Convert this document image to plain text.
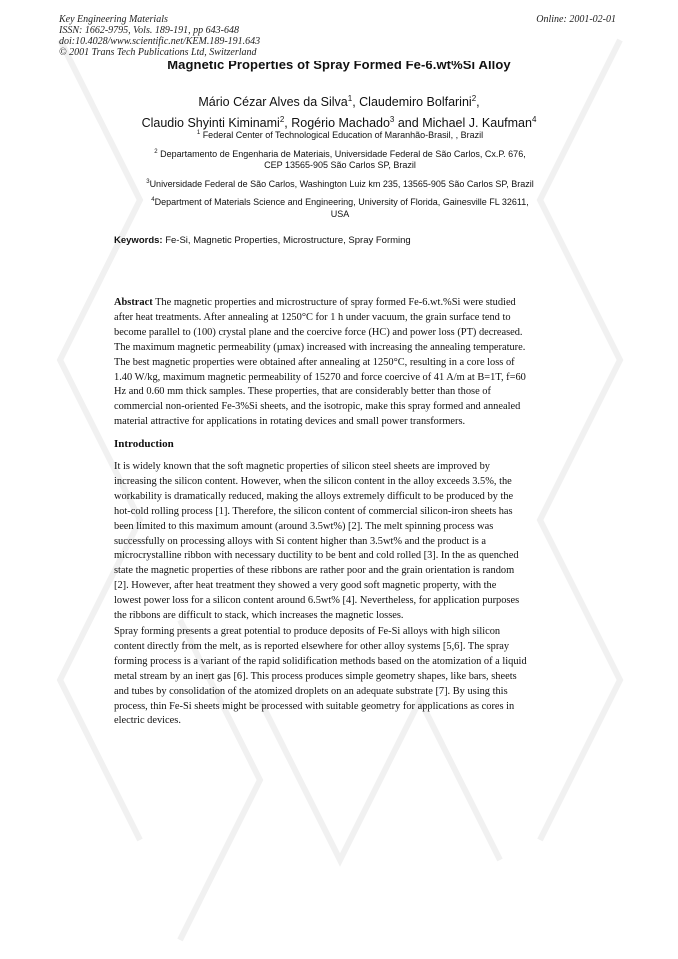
Key Engineering Materials
ISSN: 1662-9795, Vols. 189-191, pp 643-648
doi:10.4028/www.scientific.net/KEM.189-191.643
© 2001 Trans Tech Publications Ltd, Switzerland
Online: 2001-02-01
Magnetic Properties of Spray Formed Fe-6.wt%Si Alloy
Mário Cézar Alves da Silva$^1$, Claudemiro Bolfarini$^2$,
Claudio Shyinti Kiminami$^2$, Rogério Machado$^3$ and Michael J. Kaufman$^4$
$^1$ Federal Center of Technological Education of Maranhão-Brasil, , Brazil
$^2$ Departamento de Engenharia de Materiais, Universidade Federal de São Carlos, Cx.P. 676,
CEP 13565-905 São Carlos SP, Brazil
$^3$Universidade Federal de São Carlos, Washington Luiz km 235, 13565-905 São Carlos SP, Brazil
$^4$Department of Materials Science and Engineering, University of Florida, Gainesville FL 32611,
USA
Keywords: Fe-Si, Magnetic Properties, Microstructure, Spray Forming
Abstract The magnetic properties and microstructure of spray formed Fe-6.wt.%Si were studied
after heat treatments. After annealing at 1250°C for 1 h under vacuum, the grain surface tend to
become parallel to (100) crystal plane and the coercive force (HC) and power loss (PT) decreased.
The maximum magnetic permeability (µmax) increased with increasing the annealing temperature.
The best magnetic properties were obtained after annealing at 1250°C, resulting in a core loss of
1.40 W/kg, maximum magnetic permeability of 15270 and force coercive of 41 A/m at B=1T, f=60
Hz and 0.60 mm thick samples. These properties, that are considerably better than those of
commercial non-oriented Fe-3%Si sheets, and the isotropic, make this spray formed and annealed
material attractive for applications in rotating devices and small power transformers.
Introduction
It is widely known that the soft magnetic properties of silicon steel sheets are improved by
increasing the silicon content. However, when the silicon content in the alloy exceeds 3.5%, the
workability is dramatically reduced, making the alloys extremely difficult to be produced by the
hot-cold rolling process [1]. Therefore, the silicon content of commercial silicon-iron sheets has
been limited to this maximum amount (around 3.5wt%) [2]. The melt spinning process was
successfully on processing alloys with Si content higher than 3.5wt% and the product is a
microcrystalline ribbon with necessary ductility to be bent and cold rolled [3]. In the as quenched
state the magnetic properties of these ribbons are rather poor and the grain orientation is random
[2]. However, after heat treatment they showed a very good soft magnetic property, with the
lowest power loss for a silicon content around 6.5wt% [4]. Nevertheless, for application purposes
the ribbons are difficult to stack, which increases the magnetic losses.
Spray forming presents a great potential to produce deposits of Fe-Si alloys with high silicon
content directly from the melt, as is reported elsewhere for other alloy systems [5,6]. The spray
forming process is a variant of the rapid solidification methods based on the atomization of a liquid
metal stream by an inert gas [6]. This process produces simple geometry shapes, like bars, sheets
and tubes by consolidation of the atomized droplets on an adequate substrate [7]. By using this
process, thin Fe-Si sheets might be processed with suitable geometry for applications as cores in
electric devices.
